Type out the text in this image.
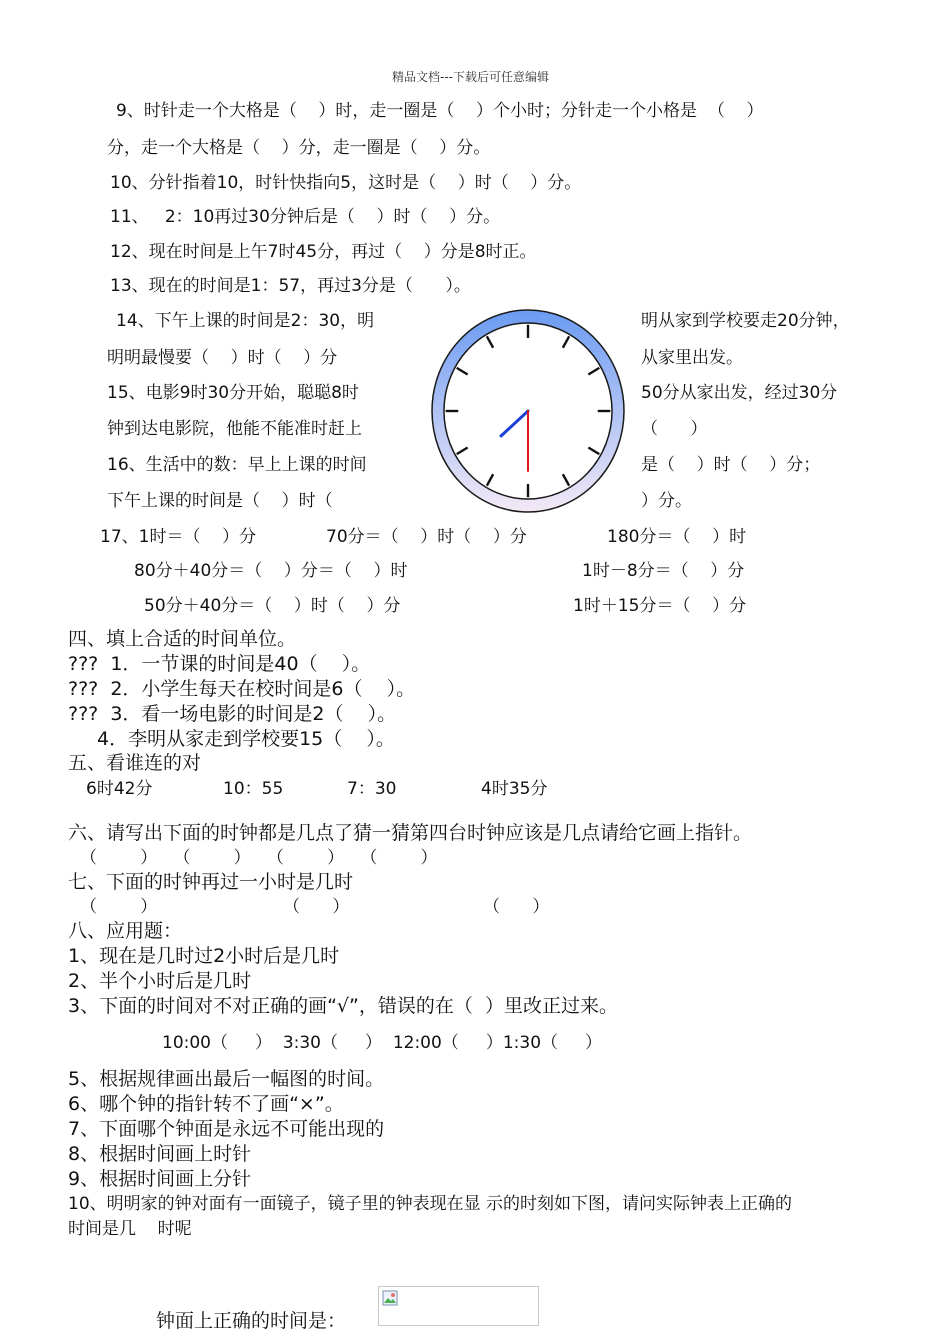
精品文档---下载后可任意编辑
9、时针走一个大格是（    ）时，走一圈是（    ）个小时；分针走一个小格是  （    ）
分，走一个大格是（    ）分，走一圈是（    ）分。
10、分针指着10，时针快指向5，这时是（    ）时（    ）分。
11、   2：10再过30分钟后是（    ）时（    ）分。
12、现在时间是上午7时45分，再过（    ）分是8时正。
13、现在的时间是1：57，再过3分是（      ）。
14、下午上课的时间是2：30，明	明从家到学校要走20分钟，
明明最慢要（    ）时（    ）分	从家里出发。
15、电影9时30分开始，聪聪8时	50分从家出发，经过30分
钟到达电影院，他能不能准时赶上	（      ）
16、生活中的数：早上上课的时间	是（    ）时（    ）分；
下午上课的时间是（    ）时（	）分。
17、1时＝（    ）分	70分＝（    ）时（    ）分	180分＝（    ）时
80分＋40分＝（    ）分＝（    ）时	1时－8分＝（    ）分
50分＋40分＝（    ）时（    ）分	1时＋15分＝（    ）分
四、填上合适的时间单位。
???  1．一节课的时间是40（    ）。
???  2．小学生每天在校时间是6（    ）。
???  3．看一场电影的时间是2（    ）。
4．李明从家走到学校要15（    ）。
五、看谁连的对
6时42分	10：55	7：30	4时35分
六、请写出下面的时钟都是几点了猜一猜第四台时钟应该是几点请给它画上指针。
（        ）   （        ）   （        ）   （        ）
七、下面的时钟再过一小时是几时
（        ）	（      ）	（      ）
八、应用题：
1、现在是几时过2小时后是几时
2、半个小时后是几时
3、下面的时间对不对正确的画“√”，错误的在（  ）里改正过来。
10:00（     ）  3:30（     ）  12:00（     ）1:30（     ）
5、根据规律画出最后一幅图的时间。
6、哪个钟的指针转不了画“×”。
7、下面哪个钟面是永远不可能出现的
8、根据时间画上时针
9、根据时间画上分针
10、明明家的钟对面有一面镜子，镜子里的钟表现在显 示的时刻如下图，请问实际钟表上正确的
时间是几    时呢
钟面上正确的时间是：
